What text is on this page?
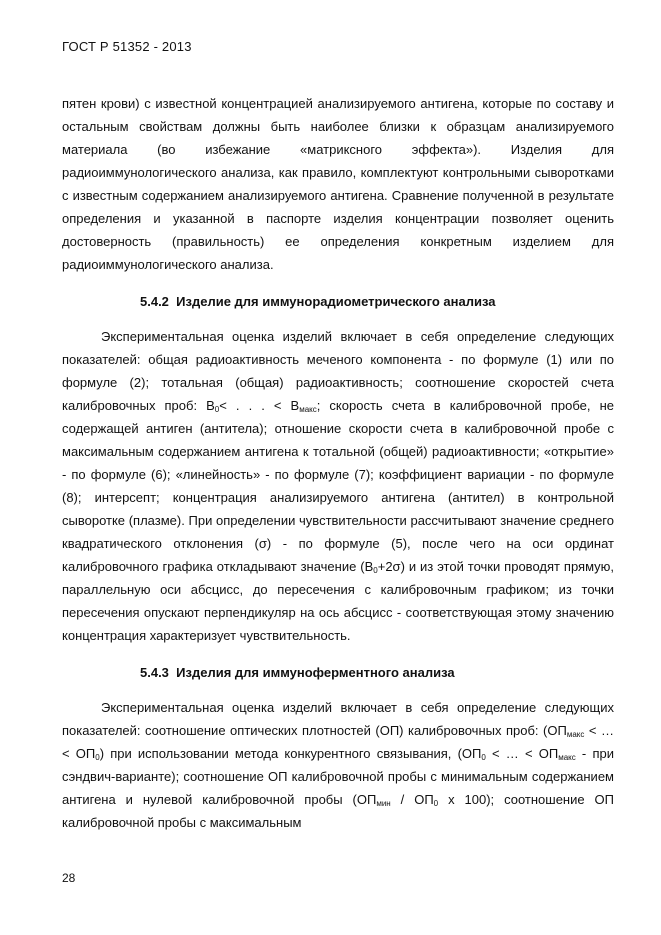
ГОСТ Р 51352 - 2013

пятен крови) с известной концентрацией анализируемого антигена, которые по составу и остальным свойствам должны быть наиболее близки к образцам анализируемого материала (во избежание «матриксного эффекта»). Изделия для радиоиммунологического анализа, как правило, комплектуют контрольными сыворотками с известным содержанием анализируемого антигена. Сравнение полученной в результате определения и указанной в паспорте изделия концентрации позволяет оценить достоверность (правильность) ее определения конкретным изделием для радиоиммунологического анализа.

5.4.2 Изделие для иммунорадиометрического анализа

Экспериментальная оценка изделий включает в себя определение следующих показателей: общая радиоактивность меченого компонента - по формуле (1) или по формуле (2); тотальная (общая) радиоактивность; соотношение скоростей счета калибровочных проб: $B_0<$ . . . < $B_{макс}$; скорость счета в калибровочной пробе, не содержащей антиген (антитела); отношение скорости счета в калибровочной пробе с максимальным содержанием антигена к тотальной (общей) радиоактивности; «открытие» - по формуле (6); «линейность» - по формуле (7); коэффициент вариации - по формуле (8); интерсепт; концентрация анализируемого антигена (антител) в контрольной сыворотке (плазме). При определении чувствительности рассчитывают значение среднего квадратического отклонения (σ) - по формуле (5), после чего на оси ординат калибровочного графика откладывают значение $(B_0+2\sigma)$ и из этой точки проводят прямую, параллельную оси абсцисс, до пересечения с калибровочным графиком; из точки пересечения опускают перпендикуляр на ось абсцисс - соответствующая этому значению концентрация характеризует чувствительность.

5.4.3 Изделия для иммуноферментного анализа

Экспериментальная оценка изделий включает в себя определение следующих показателей: соотношение оптических плотностей (ОП) калибровочных проб: ($ОП_{макс}$ < … < $ОП_0$) при использовании метода конкурентного связывания, ($ОП_0$ < … < $ОП_{макс}$ - при сэндвич-варианте); соотношение ОП калибровочной пробы с минимальным содержанием антигена и нулевой калибровочной пробы ($ОП_{мин} / ОП_0$ х 100); соотношение ОП калибровочной пробы с максимальным

28
